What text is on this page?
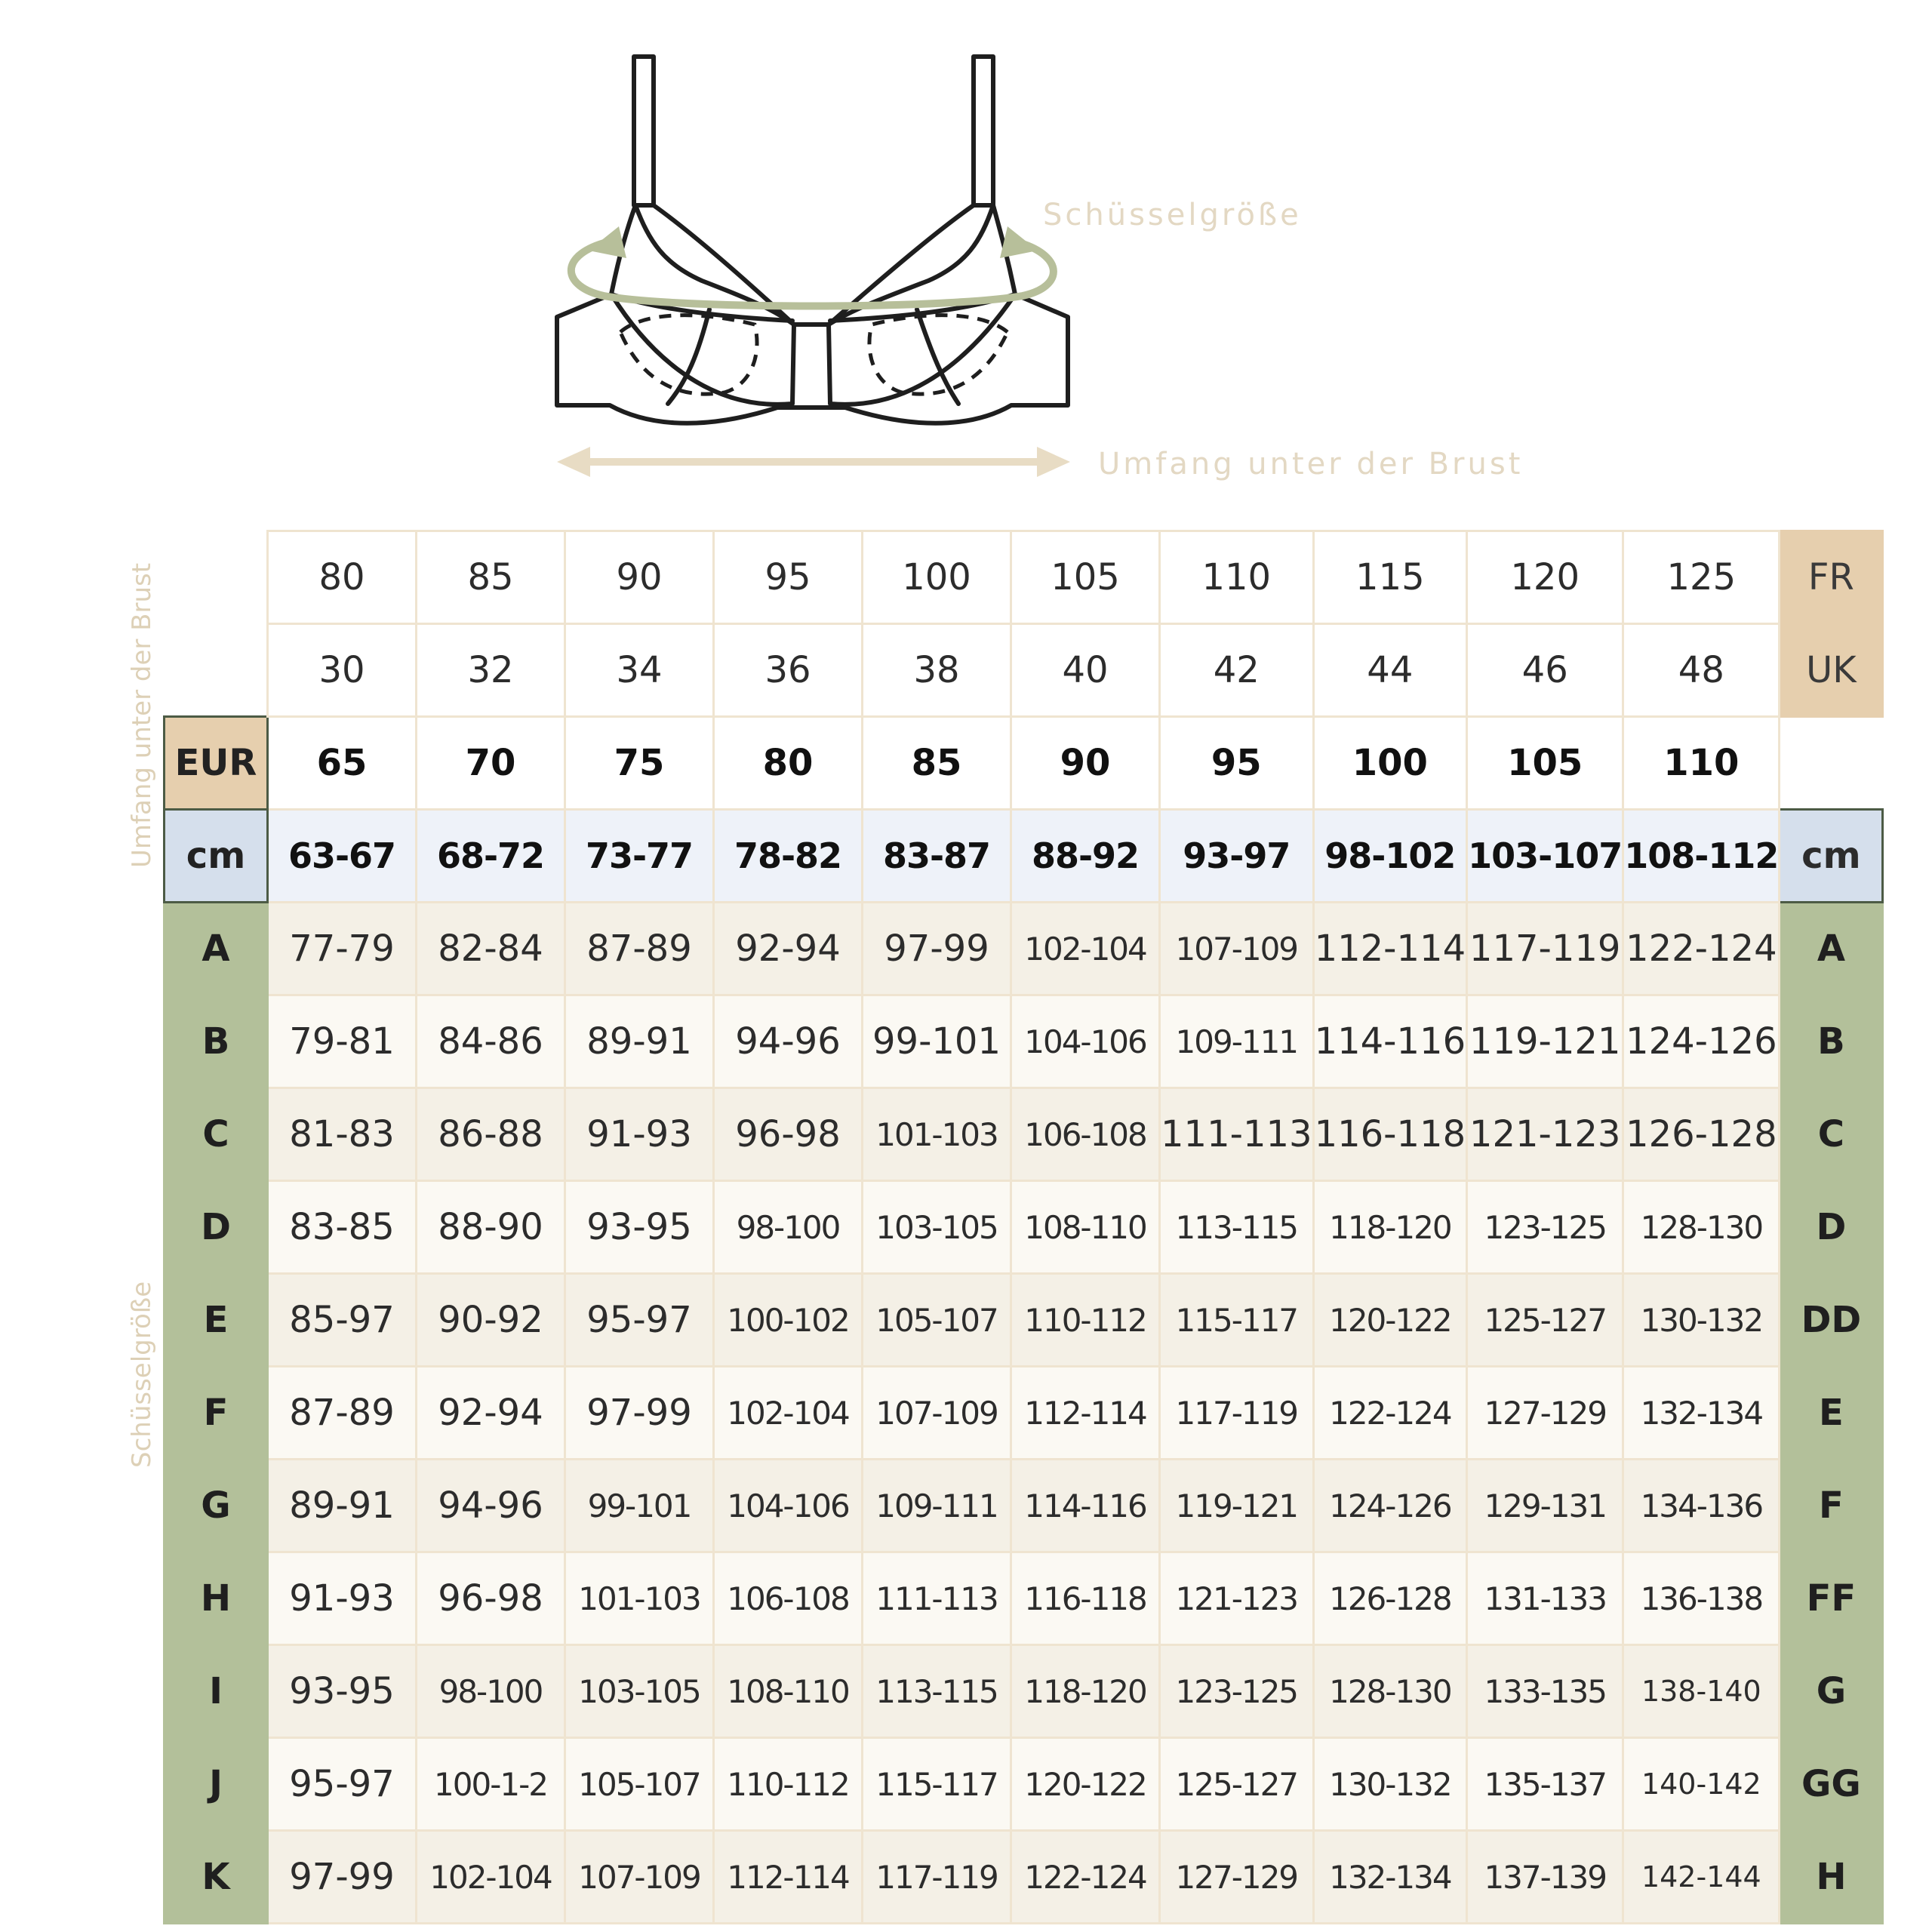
Schüsselgröße
Umfang unter der Brust
Umfang unter der Brust
Schüsselgröße
	80	85	90	95	100	105	110	115	120	125	FR
	30	32	34	36	38	40	42	44	46	48	UK
EUR	65	70	75	80	85	90	95	100	105	110	
cm	63-67	68-72	73-77	78-82	83-87	88-92	93-97	98-102	103-107	108-112	cm
A	77-79	82-84	87-89	92-94	97-99	102-104	107-109	112-114	117-119	122-124	A
B	79-81	84-86	89-91	94-96	99-101	104-106	109-111	114-116	119-121	124-126	B
C	81-83	86-88	91-93	96-98	101-103	106-108	111-113	116-118	121-123	126-128	C
D	83-85	88-90	93-95	98-100	103-105	108-110	113-115	118-120	123-125	128-130	D
E	85-97	90-92	95-97	100-102	105-107	110-112	115-117	120-122	125-127	130-132	DD
F	87-89	92-94	97-99	102-104	107-109	112-114	117-119	122-124	127-129	132-134	E
G	89-91	94-96	99-101	104-106	109-111	114-116	119-121	124-126	129-131	134-136	F
H	91-93	96-98	101-103	106-108	111-113	116-118	121-123	126-128	131-133	136-138	FF
I	93-95	98-100	103-105	108-110	113-115	118-120	123-125	128-130	133-135	138-140	G
J	95-97	100-1-2	105-107	110-112	115-117	120-122	125-127	130-132	135-137	140-142	GG
K	97-99	102-104	107-109	112-114	117-119	122-124	127-129	132-134	137-139	142-144	H
